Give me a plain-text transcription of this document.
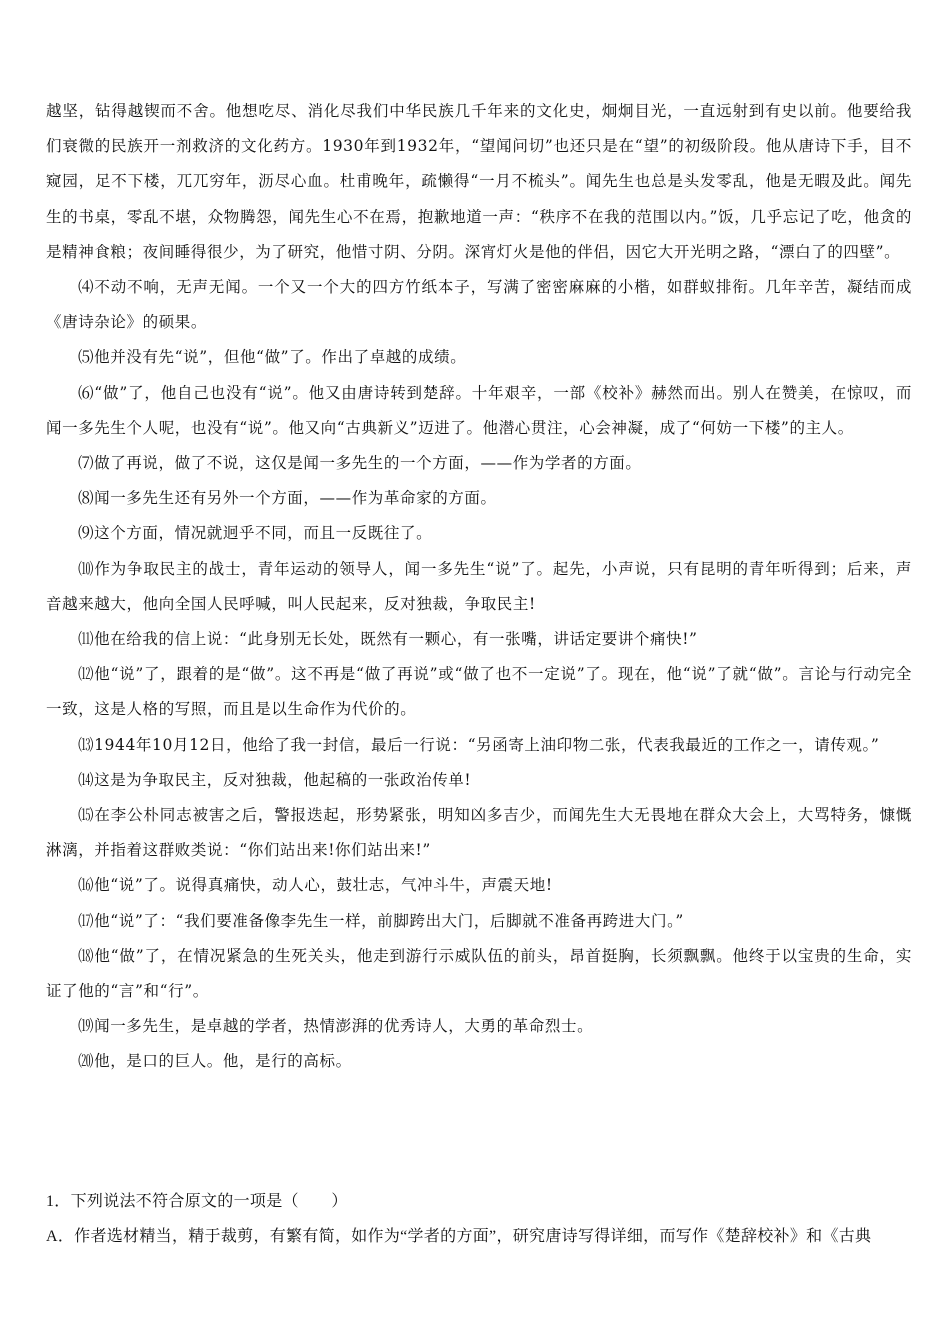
越坚，钻得越锲而不舍。他想吃尽、消化尽我们中华民族几千年来的文化史，炯炯目光，一直远射到有史以前。他要给我们衰微的民族开一剂救济的文化药方。1930年到1932年，“望闻问切”也还只是在“望”的初级阶段。他从唐诗下手，目不窥园，足不下楼，兀兀穷年，沥尽心血。杜甫晚年，疏懒得“一月不梳头”。闻先生也总是头发零乱，他是无暇及此。闻先生的书桌，零乱不堪，众物腾怨，闻先生心不在焉，抱歉地道一声：“秩序不在我的范围以内。”饭，几乎忘记了吃，他贪的是精神食粮；夜间睡得很少，为了研究，他惜寸阴、分阴。深宵灯火是他的伴侣，因它大开光明之路，“漂白了的四壁”。

⑷不动不响，无声无闻。一个又一个大的四方竹纸本子，写满了密密麻麻的小楷，如群蚁排衔。几年辛苦，凝结而成《唐诗杂论》的硕果。

⑸他并没有先“说”，但他“做”了。作出了卓越的成绩。

⑹“做”了，他自己也没有“说”。他又由唐诗转到楚辞。十年艰辛，一部《校补》赫然而出。别人在赞美，在惊叹，而闻一多先生个人呢，也没有“说”。他又向“古典新义”迈进了。他潜心贯注，心会神凝，成了“何妨一下楼”的主人。

⑺做了再说，做了不说，这仅是闻一多先生的一个方面，——作为学者的方面。

⑻闻一多先生还有另外一个方面，——作为革命家的方面。

⑼这个方面，情况就迥乎不同，而且一反既往了。

⑽作为争取民主的战士，青年运动的领导人，闻一多先生“说”了。起先，小声说，只有昆明的青年听得到；后来，声音越来越大，他向全国人民呼喊，叫人民起来，反对独裁，争取民主!

⑾他在给我的信上说：“此身别无长处，既然有一颗心，有一张嘴，讲话定要讲个痛快!”

⑿他“说”了，跟着的是“做”。这不再是“做了再说”或“做了也不一定说”了。现在，他“说”了就“做”。言论与行动完全一致，这是人格的写照，而且是以生命作为代价的。

⒀1944年10月12日，他给了我一封信，最后一行说：“另函寄上油印物二张，代表我最近的工作之一，请传观。”

⒁这是为争取民主，反对独裁，他起稿的一张政治传单!

⒂在李公朴同志被害之后，警报迭起，形势紧张，明知凶多吉少，而闻先生大无畏地在群众大会上，大骂特务，慷慨淋漓，并指着这群败类说：“你们站出来!你们站出来!”

⒃他“说”了。说得真痛快，动人心，鼓壮志，气冲斗牛，声震天地!

⒄他“说”了：“我们要准备像李先生一样，前脚跨出大门，后脚就不准备再跨进大门。”

⒅他“做”了，在情况紧急的生死关头，他走到游行示威队伍的前头，昂首挺胸，长须飘飘。他终于以宝贵的生命，实证了他的“言”和“行”。

⒆闻一多先生，是卓越的学者，热情澎湃的优秀诗人，大勇的革命烈士。

⒇他，是口的巨人。他，是行的高标。

1．下列说法不符合原文的一项是（　　）

A．作者选材精当，精于裁剪，有繁有简，如作为“学者的方面”，研究唐诗写得详细，而写作《楚辞校补》和《古典
